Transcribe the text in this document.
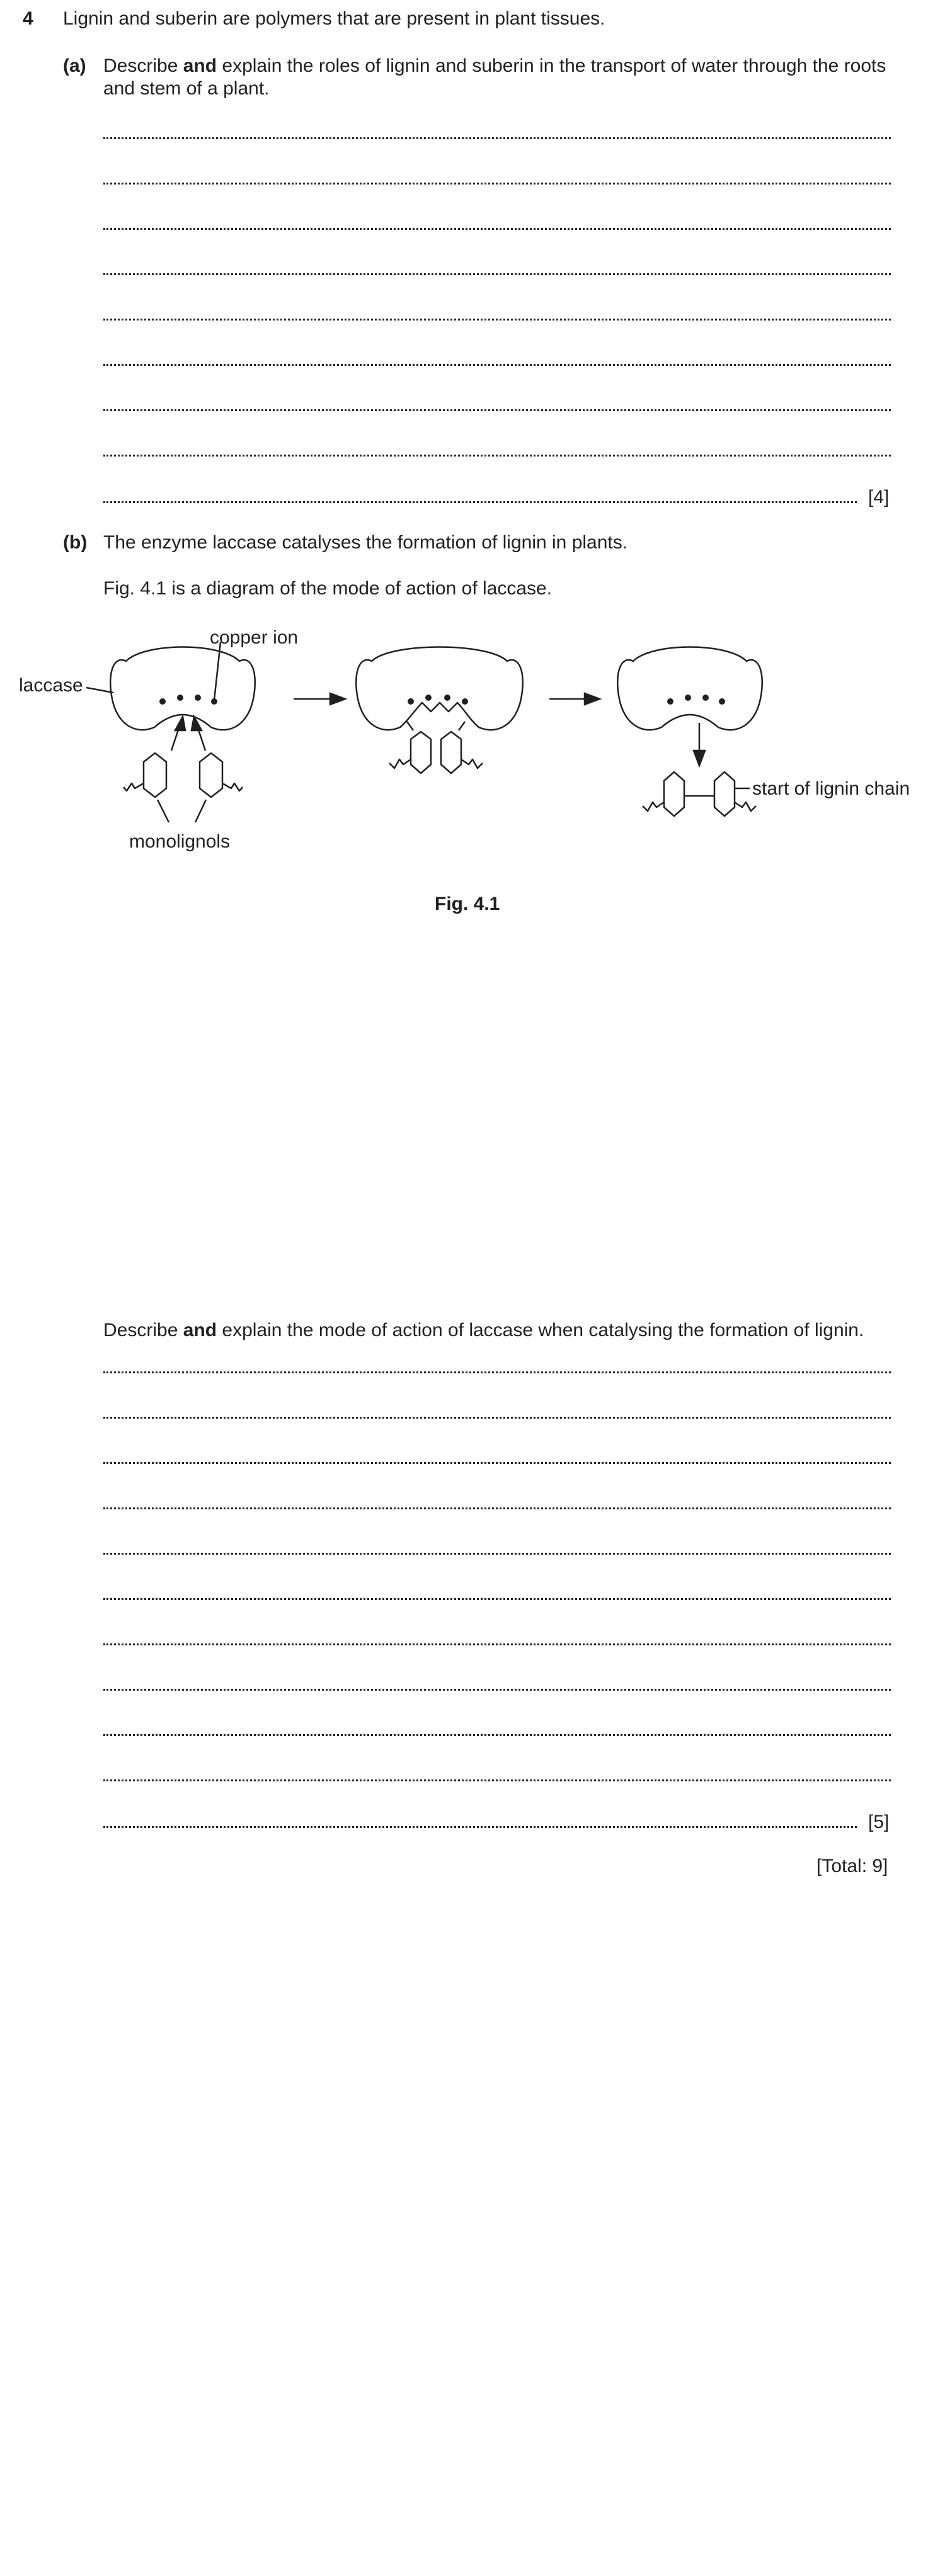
4 Lignin and suberin are polymers that are present in plant tissues.
(a) Describe and explain the roles of lignin and suberin in the transport of water through the roots and stem of a plant.
[4]
(b) The enzyme laccase catalyses the formation of lignin in plants.
Fig. 4.1 is a diagram of the mode of action of laccase.
laccase
copper ion
monolignols
start of lignin chain
Fig. 4.1
Describe and explain the mode of action of laccase when catalysing the formation of lignin.
[5]
[Total: 9]
